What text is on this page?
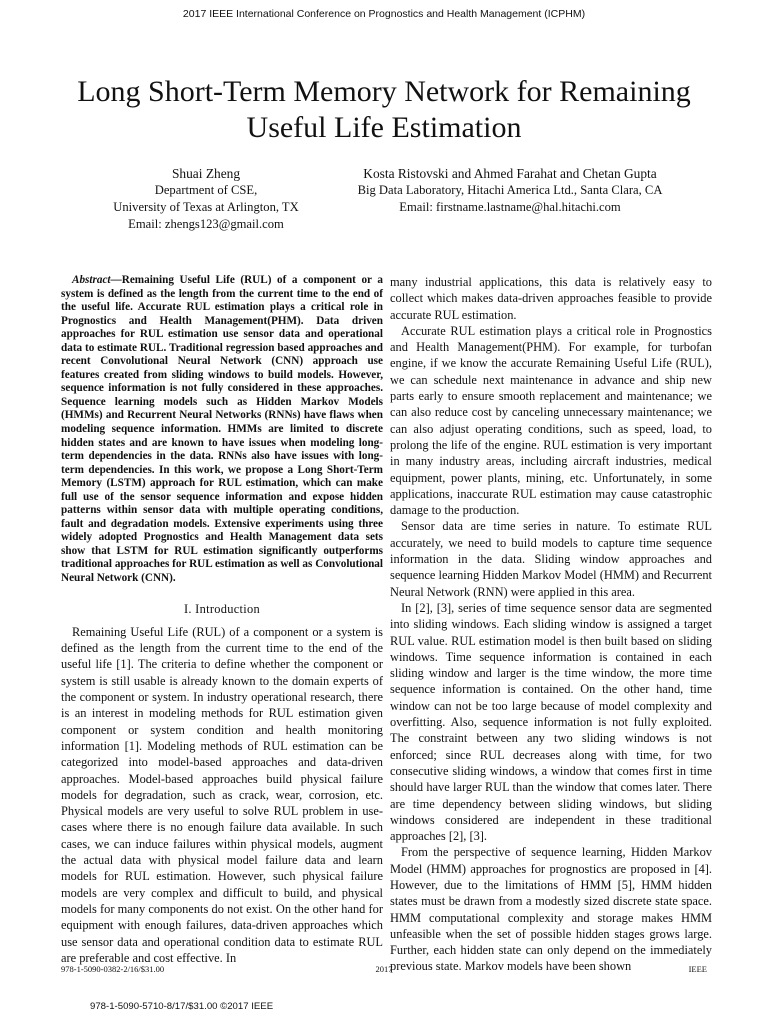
2017 IEEE International Conference on Prognostics and Health Management (ICPHM)
Long Short-Term Memory Network for Remaining Useful Life Estimation
Shuai Zheng
Department of CSE,
University of Texas at Arlington, TX
Email: zhengs123@gmail.com
Kosta Ristovski and Ahmed Farahat and Chetan Gupta
Big Data Laboratory, Hitachi America Ltd., Santa Clara, CA
Email: firstname.lastname@hal.hitachi.com

Abstract—Remaining Useful Life (RUL) of a component or a system is defined as the length from the current time to the end of the useful life. Accurate RUL estimation plays a critical role in Prognostics and Health Management(PHM). Data driven approaches for RUL estimation use sensor data and operational data to estimate RUL. Traditional regression based approaches and recent Convolutional Neural Network (CNN) approach use features created from sliding windows to build models. However, sequence information is not fully considered in these approaches. Sequence learning models such as Hidden Markov Models (HMMs) and Recurrent Neural Networks (RNNs) have flaws when modeling sequence information. HMMs are limited to discrete hidden states and are known to have issues when modeling long-term dependencies in the data. RNNs also have issues with long-term dependencies. In this work, we propose a Long Short-Term Memory (LSTM) approach for RUL estimation, which can make full use of the sensor sequence information and expose hidden patterns within sensor data with multiple operating conditions, fault and degradation models. Extensive experiments using three widely adopted Prognostics and Health Management data sets show that LSTM for RUL estimation significantly outperforms traditional approaches for RUL estimation as well as Convolutional Neural Network (CNN).

I. Introduction

Remaining Useful Life (RUL) of a component or a system is defined as the length from the current time to the end of the useful life [1]. The criteria to define whether the component or system is still usable is already known to the domain experts of the component or system. In industry operational research, there is an interest in modeling methods for RUL estimation given component or system condition and health monitoring information [1]. Modeling methods of RUL estimation can be categorized into model-based approaches and data-driven approaches. Model-based approaches build physical failure models for degradation, such as crack, wear, corrosion, etc. Physical models are very useful to solve RUL problem in use-cases where there is no enough failure data available. In such cases, we can induce failures within physical models, augment the actual data with physical model failure data and learn models for RUL estimation. However, such physical failure models are very complex and difficult to build, and physical models for many components do not exist. On the other hand for equipment with enough failures, data-driven approaches which use sensor data and operational condition data to estimate RUL are preferable and cost effective. In

many industrial applications, this data is relatively easy to collect which makes data-driven approaches feasible to provide accurate RUL estimation.

Accurate RUL estimation plays a critical role in Prognostics and Health Management(PHM). For example, for turbofan engine, if we know the accurate Remaining Useful Life (RUL), we can schedule next maintenance in advance and ship new parts early to ensure smooth replacement and maintenance; we can also reduce cost by canceling unnecessary maintenance; we can also adjust operating conditions, such as speed, load, to prolong the life of the engine. RUL estimation is very important in many industry areas, including aircraft industries, medical equipment, power plants, mining, etc. Unfortunately, in some applications, inaccurate RUL estimation may cause catastrophic damage to the production.

Sensor data are time series in nature. To estimate RUL accurately, we need to build models to capture time sequence information in the data. Sliding window approaches and sequence learning Hidden Markov Model (HMM) and Recurrent Neural Network (RNN) were applied in this area.

In [2], [3], series of time sequence sensor data are segmented into sliding windows. Each sliding window is assigned a target RUL value. RUL estimation model is then built based on sliding windows. Time sequence information is contained in each sliding window and larger is the time window, the more time sequence information is contained. On the other hand, time window can not be too large because of model complexity and overfitting. Also, sequence information is not fully exploited. The constraint between any two sliding windows is not enforced; since RUL decreases along with time, for two consecutive sliding windows, a window that comes first in time should have larger RUL than the window that comes later. There are time dependency between sliding windows, but sliding windows considered are independent in these traditional approaches [2], [3].

From the perspective of sequence learning, Hidden Markov Model (HMM) approaches for prognostics are proposed in [4]. However, due to the limitations of HMM [5], HMM hidden states must be drawn from a modestly sized discrete state space. HMM computational complexity and storage makes HMM unfeasible when the set of possible hidden stages grows large. Further, each hidden state can only depend on the immediately previous state. Markov models have been shown

978-1-5090-0382-2/16/$31.00	2017	IEEE
978-1-5090-5710-8/17/$31.00 ©2017 IEEE
